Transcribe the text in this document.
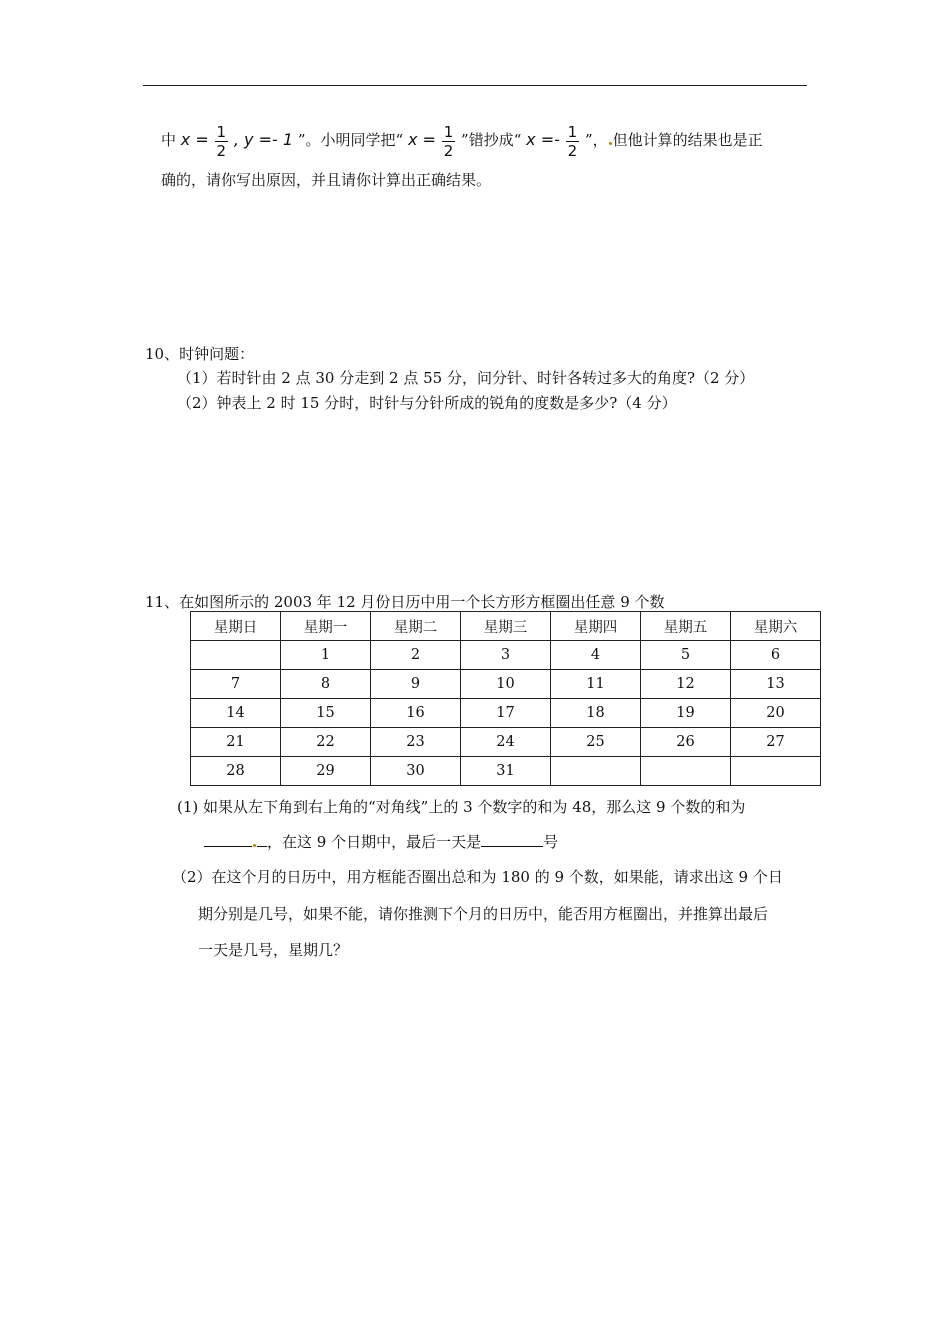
中 $x = \frac{1}{2}$ , y =- 1 ”。小明同学把“ $x = \frac{1}{2}$ ”错抄成“ $x =- \frac{1}{2}$ ”， 但他计算的结果也是正
确的，请你写出原因，并且请你计算出正确结果。
10、时钟问题：
（1）若时针由 2 点 30 分走到 2 点 55 分，问分针、时针各转过多大的角度?（2 分）
（2）钟表上 2 时 15 分时，时针与分针所成的锐角的度数是多少?（4 分）
11、在如图所示的 2003 年 12 月份日历中用一个长方形方框圈出任意 9 个数
星期日	星期一	星期二	星期三	星期四	星期五	星期六
	1	2	3	4	5	6
7	8	9	10	11	12	13
14	15	16	17	18	19	20
21	22	23	24	25	26	27
28	29	30	31			
(1) 如果从左下角到右上角的“对角线”上的 3 个数字的和为 48，那么这 9 个数的和为
，在这 9 个日期中，最后一天是	号
（2）在这个月的日历中，用方框能否圈出总和为 180 的 9 个数，如果能，请求出这 9 个日
期分别是几号，如果不能，请你推测下个月的日历中，能否用方框圈出，并推算出最后
一天是几号，星期几？
